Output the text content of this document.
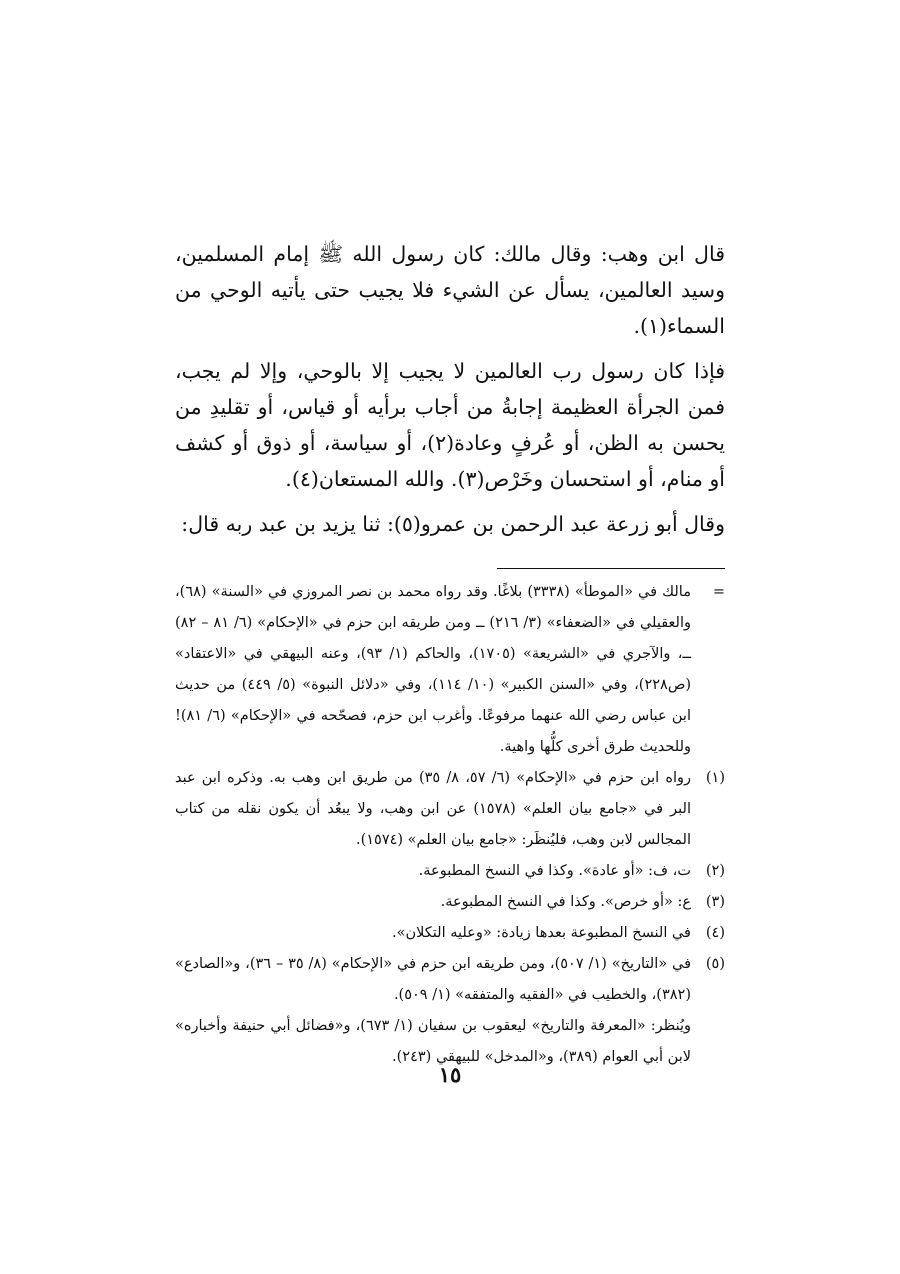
قال ابن وهب: وقال مالك: كان رسول الله ﷺ إمام المسلمين، وسيد العالمين، يسأل عن الشيء فلا يجيب حتى يأتيه الوحي من السماء(١).

فإذا كان رسول رب العالمين لا يجيب إلا بالوحي، وإلا لم يجب، فمن الجرأة العظيمة إجابةُ من أجاب برأيه أو قياس، أو تقليدِ من يحسن به الظن، أو عُرفٍ وعادة(٢)، أو سياسة، أو ذوق أو كشف أو منام، أو استحسان وخَرْص(٣). والله المستعان(٤).

وقال أبو زرعة عبد الرحمن بن عمرو(٥): ثنا يزيد بن عبد ربه قال:

=
مالك في «الموطأ» (٣٣٣٨) بلاغًا. وقد رواه محمد بن نصر المروزي في «السنة» (٦٨)، والعقيلي في «الضعفاء» (٣/ ٢١٦) ــ ومن طريقه ابن حزم في «الإحكام» (٦/ ٨١ – ٨٢) ــ، والآجري في «الشريعة» (١٧٠٥)، والحاكم (١/ ٩٣)، وعنه البيهقي في «الاعتقاد» (ص٢٢٨)، وفي «السنن الكبير» (١٠/ ١١٤)، وفي «دلائل النبوة» (٥/ ٤٤٩) من حديث ابن عباس رضي الله عنهما مرفوعًا. وأغرب ابن حزم، فصحّحه في «الإحكام» (٦/ ٨١)! وللحديث طرق أخرى كلُّها واهية.
(١)
رواه ابن حزم في «الإحكام» (٦/ ٥٧، ٨/ ٣٥) من طريق ابن وهب به. وذكره ابن عبد البر في «جامع بيان العلم» (١٥٧٨) عن ابن وهب، ولا يبعُد أن يكون نقله من كتاب المجالس لابن وهب، فليُنظَر: «جامع بيان العلم» (١٥٧٤).
(٢)
ت، ف: «أو عادة». وكذا في النسخ المطبوعة.
(٣)
ع: «أو خرص». وكذا في النسخ المطبوعة.
(٤)
في النسخ المطبوعة بعدها زيادة: «وعليه التكلان».
(٥)
في «التاريخ» (١/ ٥٠٧)، ومن طريقه ابن حزم في «الإحكام» (٨/ ٣٥ – ٣٦)، و«الصادع» (٣٨٢)، والخطيب في «الفقيه والمتفقه» (١/ ٥٠٩).
ويُنظر: «المعرفة والتاريخ» ليعقوب بن سفيان (١/ ٦٧٣)، و«فضائل أبي حنيفة وأخباره» لابن أبي العوام (٣٨٩)، و«المدخل» للبيهقي (٢٤٣).
١٥
